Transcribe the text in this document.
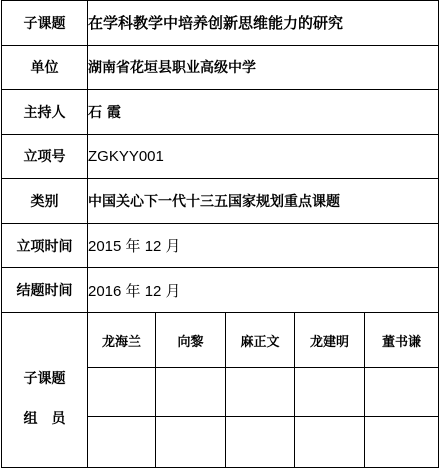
子课题	在学科教学中培养创新思维能力的研究				
单位	湖南省花垣县职业高级中学				
主持人	石 霞				
立项号	ZGKYY001				
类别	中国关心下一代十三五国家规划重点课题				
立项时间	2015 年 12 月				
结题时间	2016 年 12 月				

子课题
组员	龙海兰	向黎	麻正文	龙建明	董书谦
